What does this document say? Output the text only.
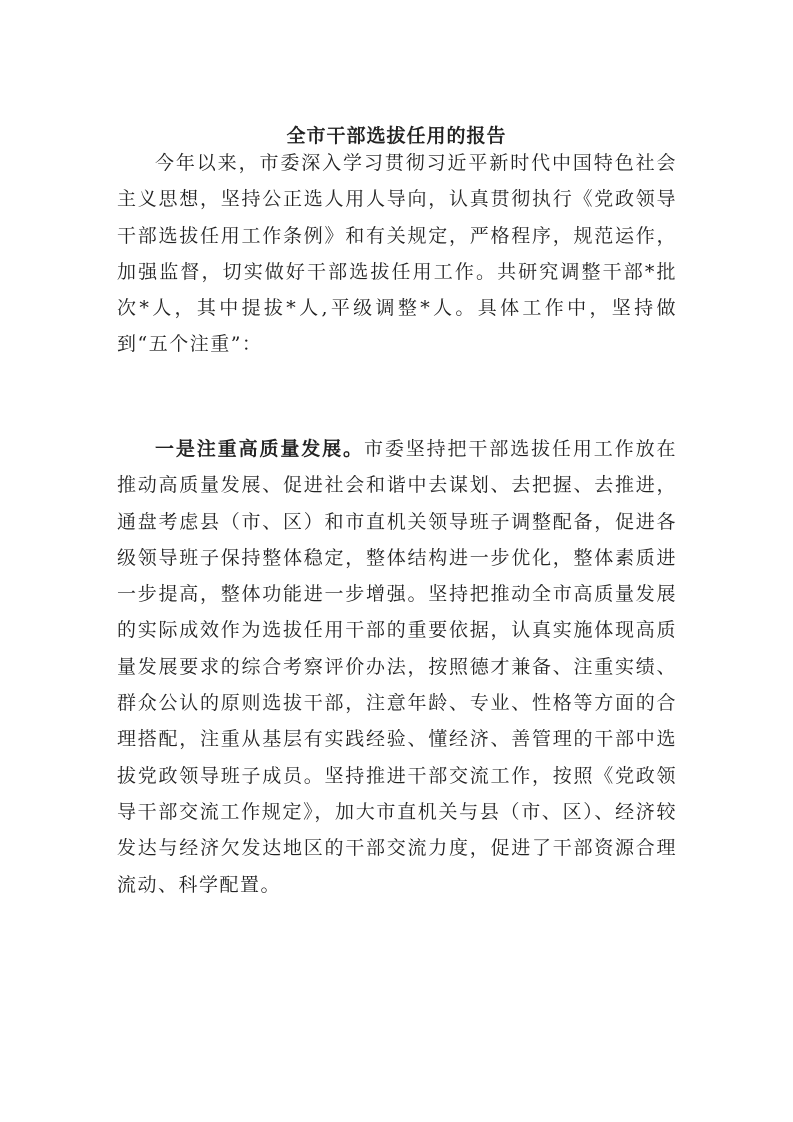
全市干部选拔任用的报告

今年以来，市委深入学习贯彻习近平新时代中国特色社会主义思想，坚持公正选人用人导向，认真贯彻执行《党政领导干部选拔任用工作条例》和有关规定，严格程序，规范运作，加强监督，切实做好干部选拔任用工作。共研究调整干部*批次*人，其中提拔*人,平级调整*人。具体工作中，坚持做到“五个注重”：

一是注重高质量发展。市委坚持把干部选拔任用工作放在推动高质量发展、促进社会和谐中去谋划、去把握、去推进，通盘考虑县（市、区）和市直机关领导班子调整配备，促进各级领导班子保持整体稳定，整体结构进一步优化，整体素质进一步提高，整体功能进一步增强。坚持把推动全市高质量发展的实际成效作为选拔任用干部的重要依据，认真实施体现高质量发展要求的综合考察评价办法，按照德才兼备、注重实绩、群众公认的原则选拔干部，注意年龄、专业、性格等方面的合理搭配，注重从基层有实践经验、懂经济、善管理的干部中选拔党政领导班子成员。坚持推进干部交流工作，按照《党政领导干部交流工作规定》，加大市直机关与县（市、区）、经济较发达与经济欠发达地区的干部交流力度，促进了干部资源合理流动、科学配置。
